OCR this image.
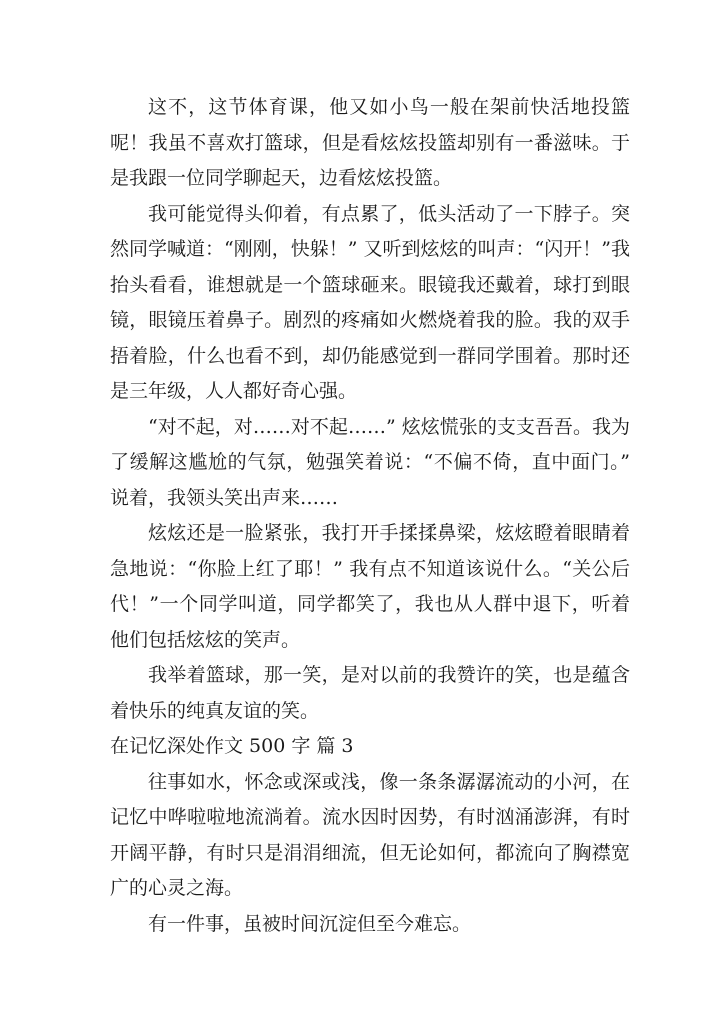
这不，这节体育课，他又如小鸟一般在架前快活地投篮呢！我虽不喜欢打篮球，但是看炫炫投篮却别有一番滋味。于是我跟一位同学聊起天，边看炫炫投篮。

我可能觉得头仰着，有点累了，低头活动了一下脖子。突然同学喊道：“刚刚，快躲！” 又听到炫炫的叫声：“闪开！”我抬头看看，谁想就是一个篮球砸来。眼镜我还戴着，球打到眼镜，眼镜压着鼻子。剧烈的疼痛如火燃烧着我的脸。我的双手捂着脸，什么也看不到，却仍能感觉到一群同学围着。那时还是三年级，人人都好奇心强。

“对不起，对……对不起……” 炫炫慌张的支支吾吾。我为了缓解这尴尬的气氛，勉强笑着说：“不偏不倚，直中面门。” 说着，我领头笑出声来……

炫炫还是一脸紧张，我打开手揉揉鼻梁，炫炫瞪着眼睛着急地说：“你脸上红了耶！” 我有点不知道该说什么。“关公后代！”一个同学叫道，同学都笑了，我也从人群中退下，听着他们包括炫炫的笑声。

我举着篮球，那一笑，是对以前的我赞许的笑，也是蕴含着快乐的纯真友谊的笑。

在记忆深处作文 500 字 篇 3

往事如水，怀念或深或浅，像一条条潺潺流动的小河，在记忆中哗啦啦地流淌着。流水因时因势，有时汹涌澎湃，有时开阔平静，有时只是涓涓细流，但无论如何，都流向了胸襟宽广的心灵之海。

有一件事，虽被时间沉淀但至今难忘。
